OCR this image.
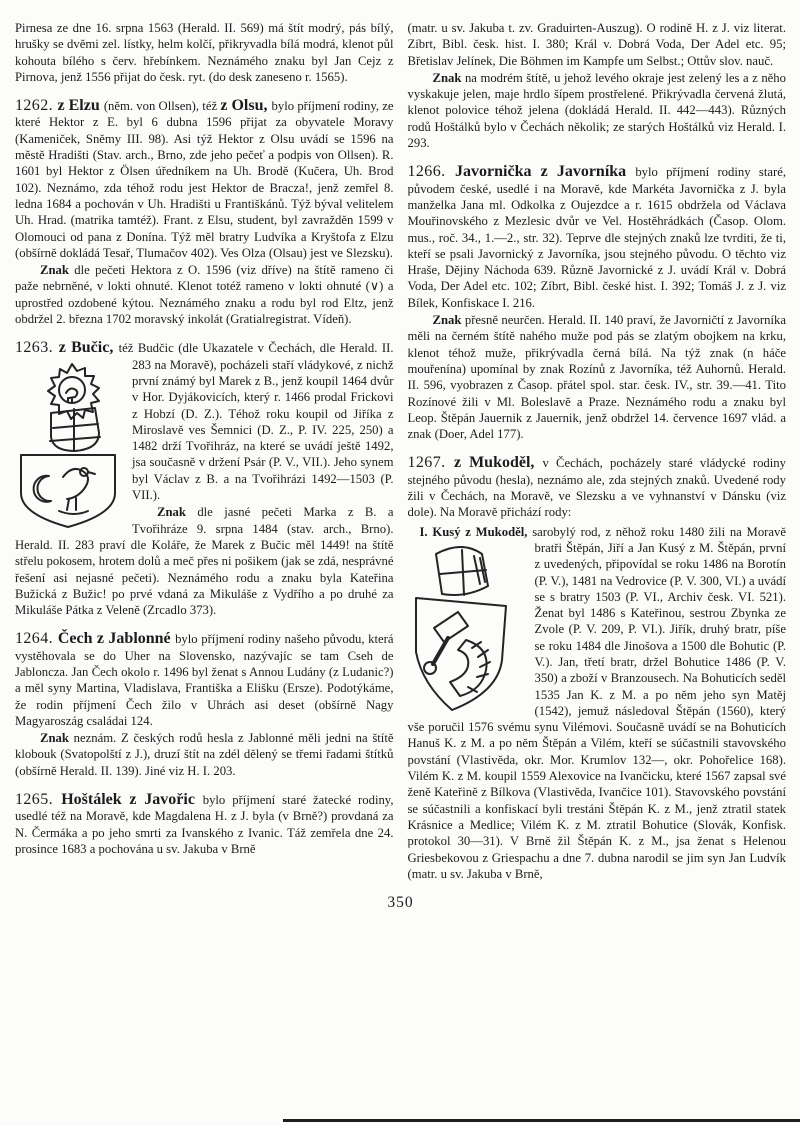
Pirnesa ze dne 16. srpna 1563 (Herald. II. 569) má štít modrý, pás bílý, hrušky se dvěmi zel. lístky, helm kolčí, přikryvadla bílá modrá, klenot půl kohouta bílého s červ. hřebínkem. Neznámého znaku byl Jan Cejz z Pirnova, jenž 1556 přijat do česk. ryt. (do desk zaneseno r. 1565).

1262. z Elzu (něm. von Ollsen), též z Olsu, bylo příjmení rodiny, ze které Hektor z E. byl 6 dubna 1596 přijat za obyvatele Moravy (Kameniček, Sněmy III. 98). Asi týž Hektor z Olsu uvádí se 1596 na městě Hradišti (Stav. arch., Brno, zde jeho pečeť a podpis von Ollsen). R. 1601 byl Hektor z Ölsen úředníkem na Uh. Brodě (Kučera, Uh. Brod 102). Neznámo, zda téhož rodu jest Hektor de Bracza!, jenž zemřel 8. ledna 1684 a pochován v Uh. Hradišti u Františkánů. Týž býval velitelem Uh. Hrad. (matrika tamtéž). Frant. z Elsu, student, byl zavražděn 1599 v Olomouci od pana z Donína. Týž měl bratry Ludvíka a Kryštofa z Elzu (obšírně dokládá Tesař, Tlumačov 402). Ves Olza (Olsau) jest ve Slezsku).

Znak dle pečeti Hektora z O. 1596 (viz dříve) na štítě rameno či paže nebrněné, v lokti ohnuté. Klenot totéž rameno v lokti ohnuté (∨) a uprostřed ozdobené kýtou. Neznámého znaku a rodu byl rod Eltz, jenž obdržel 2. března 1702 moravský inkolát (Gratialregistrat. Vídeň).

1263. z Bučic, též Budčic (dle Ukazatele v Čechách,
dle Herald. II. 283 na Moravě), pocházeli staří vládykové, z nichž první známý byl Marek z B., jenž koupil 1464 dvůr v Hor. Dyjákovicích, který r. 1466 prodal Frickovi z Hobzí (D. Z.). Téhož roku koupil od Jiříka z Miroslavě ves Šemnici (D. Z., P. IV. 225, 250) a 1482 drží Tvořihráz, na které se uvádí ještě 1492, jsa současně v držení Psár (P. V., VII.). Jeho synem byl Václav z B. a na Tvořihrázi 1492—1503 (P. VII.).

Znak dle jasné pečeti Marka z B. a Tvořihráze 9. srpna 1484 (stav. arch., Brno). Herald. II. 283 praví dle Koláře, že Marek z Bučic měl 1449! na štítě střelu pokosem, hrotem dolů a meč přes ni pošikem (jak se zdá, nesprávné řešení asi nejasné pečeti). Neznámého rodu a znaku byla Kateřina Bužická z Bužic! po prvé vdaná za Mikuláše z Vydřího a po druhé za Mikuláše Pátka z Veleně (Zrcadlo 373).

1264. Čech z Jablonné bylo příjmení rodiny našeho původu, která vystěhovala se do Uher na Slovensko, nazývajíc se tam Cseh de Jabloncza. Jan Čech okolo r. 1496 byl ženat s Annou Ludány (z Ludanic?) a měl syny Martina, Vladislava, Františka a Elišku (Ersze). Podotýkáme, že rodin příjmení Čech žilo v Uhrách asi deset (obšírně Nagy Magyaroszág családai 124.

Znak neznám. Z českých rodů hesla z Jablonné měli jedni na štítě klobouk (Svatopolští z J.), druzí štít na zdél dělený se třemi řadami štítků (obšírně Herald. II. 139). Jiné viz H. I. 203.

1265. Hoštálek z Javořic bylo příjmení staré žatecké rodiny, usedlé též na Moravě, kde Magdalena H. z J. byla (v Brně?) provdaná za N. Čermáka a po jeho smrti za Ivanského z Ivanic. Táž zemřela dne 24. prosince 1683 a pochována u sv. Jakuba v Brně

(matr. u sv. Jakuba t. zv. Graduirten-Auszug). O rodině H. z J. viz literat. Zíbrt, Bibl. česk. hist. I. 380; Král v. Dobrá Voda, Der Adel etc. 95; Břetislav Jelínek, Die Böhmen im Kampfe um Selbst.; Ottův slov. nauč.

Znak na modrém štítě, u jehož levého okraje jest zelený les a z něho vyskakuje jelen, maje hrdlo šípem prostřelené. Přikrývadla červená žlutá, klenot polovice téhož jelena (dokládá Herald. II. 442—443). Různých rodů Hoštálků bylo v Čechách několik; ze starých Hoštálků viz Herald. I. 293.

1266. Javornička z Javorníka bylo příjmení rodiny staré, původem české, usedlé i na Moravě, kde Markéta Javornička z J. byla manželka Jana ml. Odkolka z Oujezdce a r. 1615 obdržela od Václava Mouřinovského z Mezlesic dvůr ve Vel. Hostěhrádkách (Časop. Olom. mus., roč. 34., 1.—2., str. 32). Teprve dle stejných znaků lze tvrditi, že ti, kteří se psali Javornický z Javorníka, jsou stejného původu. O těchto viz Hraše, Dějiny Náchoda 639. Různě Javornické z J. uvádí Král v. Dobrá Voda, Der Adel etc. 102; Zíbrt, Bibl. české hist. I. 392; Tomáš J. z J. viz Bílek, Konfiskace I. 216.

Znak přesně neurčen. Herald. II. 140 praví, že Javorničtí z Javorníka měli na černém štítě nahého muže pod pás se zlatým obojkem na krku, klenot téhož muže, přikrývadla černá bílá. Na týž znak (n háče mouřenína) upomínal by znak Rozínů z Javorníka, též Auhornů. Herald. II. 596, vyobrazen z Časop. přátel spol. star. česk. IV., str. 39.—41. Tito Rozínové žili v Ml. Boleslavě a Praze. Neznámého rodu a znaku byl Leop. Štěpán Jauernik z Jauernik, jenž obdržel 14. července 1697 vlád. a znak (Doer, Adel 177).

1267. z Mukoděl, v Čechách, pocházely staré vládycké rodiny stejného původu (hesla), neznámo ale, zda stejných znaků. Uvedené rody žili v Čechách, na Moravě, ve Slezsku a ve vyhnanství v Dánsku (viz dole). Na Moravě přichází rody:

I. Kusý z Mukoděl, sarobylý rod, z něhož roku
1480 žili na Moravě bratři Štěpán, Jiří a Jan Kusý z M. Štěpán, první z uvedených, připovídal se roku 1486 na Borotín (P. V.), 1481 na Vedrovice (P. V. 300, VI.) a uvádí se s bratry 1503 (P. VI., Archiv česk. VI. 521). Ženat byl 1486 s Kateřinou, sestrou Zbynka ze Zvole (P. V. 209, P. VI.). Jiřík, druhý bratr, píše se roku 1484 dle Jinošova a 1500 dle Bohutic (P. V.). Jan, třetí bratr, držel Bohutice 1486 (P. V. 350) a zboží v Branzousech. Na Bohuticích seděl 1535 Jan K. z M. a po něm jeho syn Matěj (1542), jemuž následoval Štěpán (1560), který vše poručil 1576 svému synu Vilémovi. Současně uvádí se na Bohuticích Hanuš K. z M. a po něm Štěpán a Vilém, kteří se súčastnili stavovského povstání (Vlastivěda, okr. Mor. Krumlov 132—, okr. Pohořelice 168). Vilém K. z M. koupil 1559 Alexovice na Ivančicku, které 1567 zapsal své ženě Kateřině z Bílkova (Vlastivěda, Ivančice 101). Stavovského povstání se súčastnili a konfiskací byli trestáni Štěpán K. z M., jenž ztratil statek Krásnice a Medlice; Vilém K. z M. ztratil Bohutice (Slovák, Konfisk. protokol 30—31). V Brně žil Štěpán K. z M., jsa ženat s Helenou Griesbekovou z Griespachu a dne 7. dubna narodil se jim syn Jan Ludvík (matr. u sv. Jakuba v Brně,

350
